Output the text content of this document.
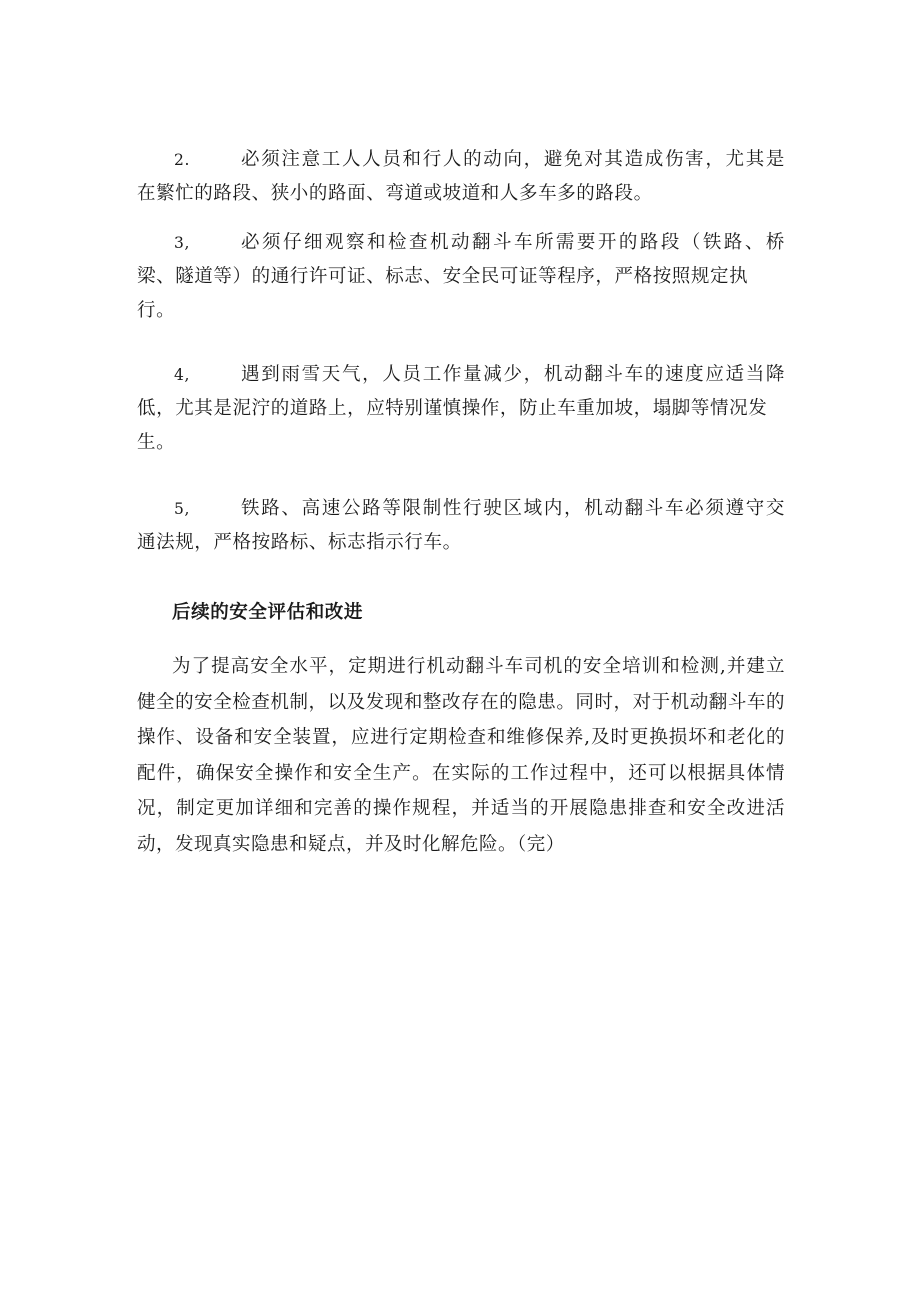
2.	必须注意工人人员和行人的动向，避免对其造成伤害，尤其是
在繁忙的路段、狭小的路面、弯道或坡道和人多车多的路段。
3,	必须仔细观察和检查机动翻斗车所需要开的路段（铁路、桥
梁、隧道等）的通行许可证、标志、安全民可证等程序，严格按照规定执行。
4,	遇到雨雪天气，人员工作量减少，机动翻斗车的速度应适当降
低，尤其是泥泞的道路上，应特别谨慎操作，防止车重加坡，塌脚等情况发生。
5,	铁路、高速公路等限制性行驶区域内，机动翻斗车必须遵守交
通法规，严格按路标、标志指示行车。
后续的安全评估和改进
为了提高安全水平，定期进行机动翻斗车司机的安全培训和检测,并建立健全的安全检查机制，以及发现和整改存在的隐患。同时，对于机动翻斗车的操作、设备和安全装置，应进行定期检查和维修保养,及时更换损坏和老化的配件，确保安全操作和安全生产。在实际的工作过程中，还可以根据具体情况，制定更加详细和完善的操作规程，并适当的开展隐患排查和安全改进活动，发现真实隐患和疑点，并及时化解危险。（完）
